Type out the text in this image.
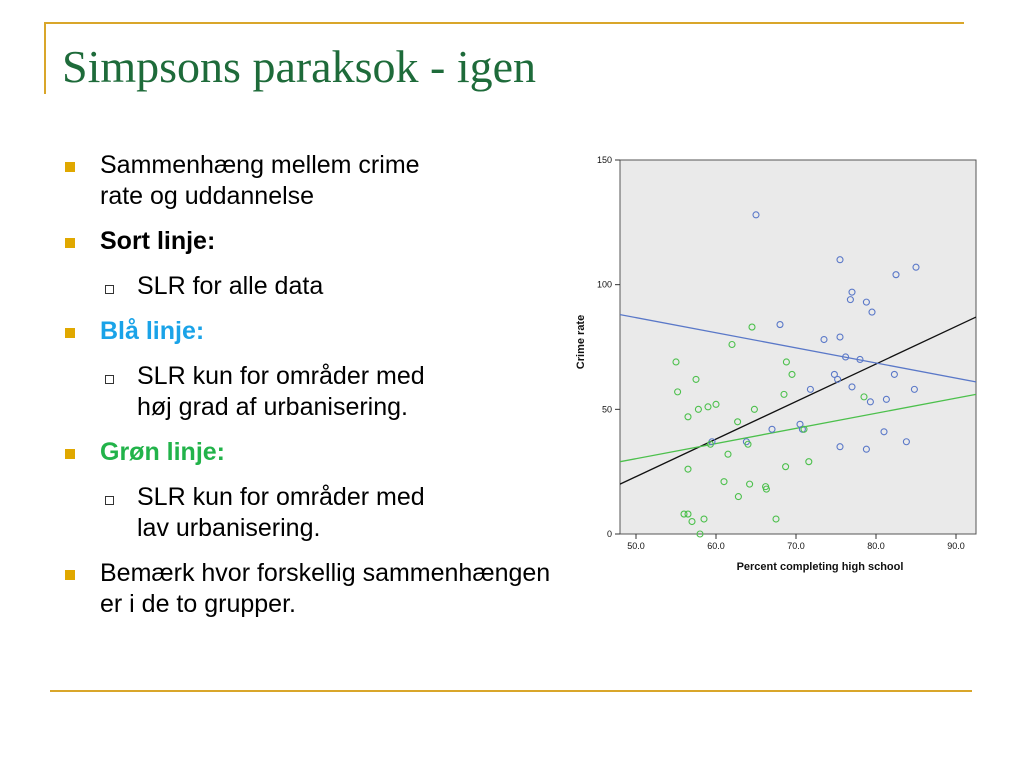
Simpsons paraksok - igen
Sammenhæng mellem crime
rate og uddannelse
Sort linje:
SLR for alle data
Blå linje:
SLR kun for områder med
høj grad af urbanisering.
Grøn linje:
SLR kun for områder med
lav urbanisering.
Bemærk hvor forskellig sammenhængen
er i de to grupper.
0
50
100
150
50.0	60.0	70.0	80.0	90.0
Percent completing high school
Crime rate
